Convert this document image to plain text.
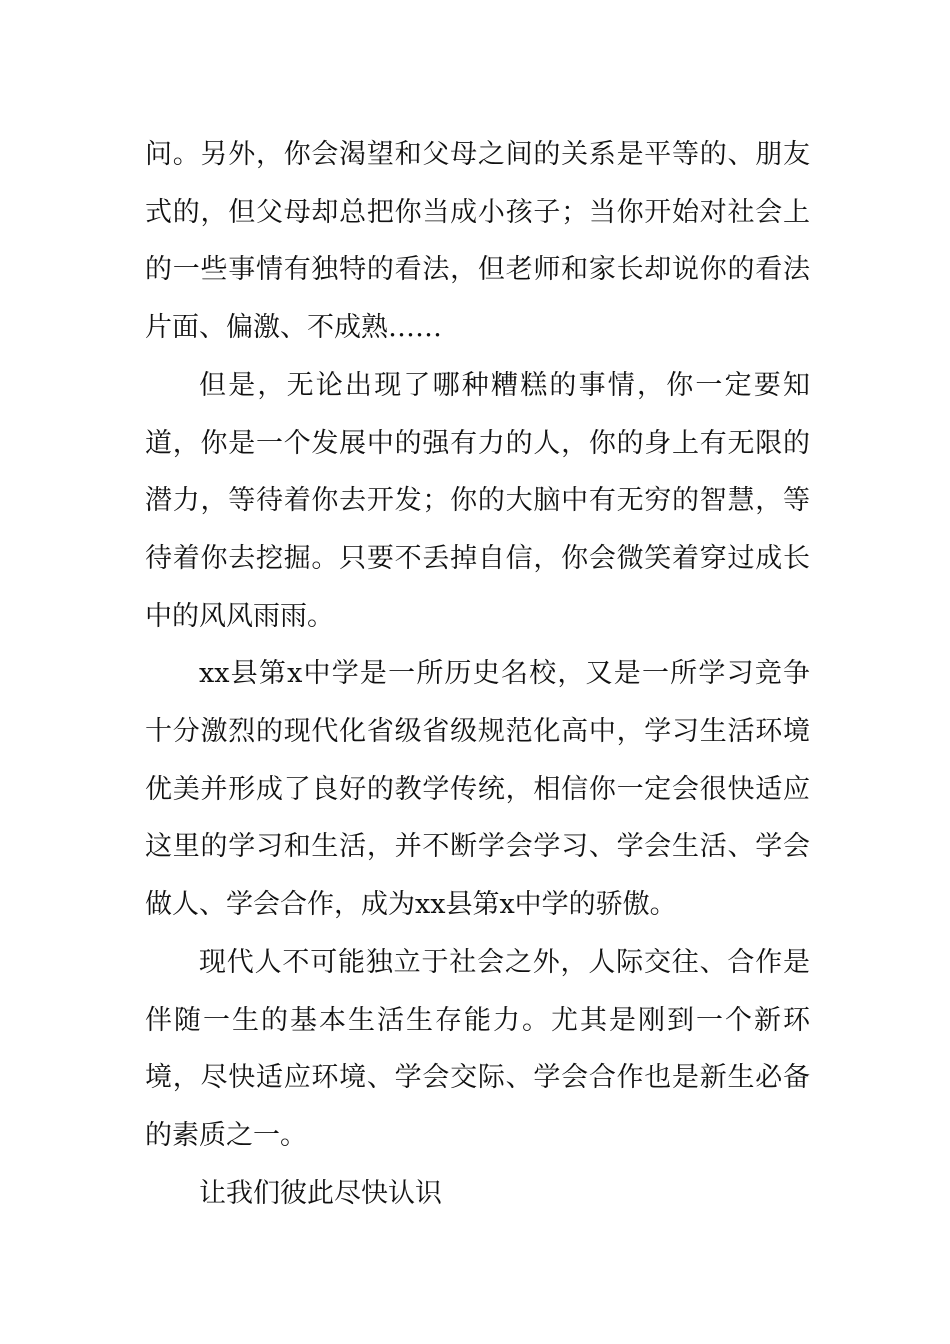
问。另外，你会渴望和父母之间的关系是平等的、朋友式的，但父母却总把你当成小孩子；当你开始对社会上的一些事情有独特的看法，但老师和家长却说你的看法片面、偏激、不成熟……

但是，无论出现了哪种糟糕的事情，你一定要知道，你是一个发展中的强有力的人，你的身上有无限的潜力，等待着你去开发；你的大脑中有无穷的智慧，等待着你去挖掘。只要不丢掉自信，你会微笑着穿过成长中的风风雨雨。

xx县第x中学是一所历史名校，又是一所学习竞争十分激烈的现代化省级省级规范化高中，学习生活环境优美并形成了良好的教学传统，相信你一定会很快适应这里的学习和生活，并不断学会学习、学会生活、学会做人、学会合作，成为xx县第x中学的骄傲。

现代人不可能独立于社会之外，人际交往、合作是伴随一生的基本生活生存能力。尤其是刚到一个新环境，尽快适应环境、学会交际、学会合作也是新生必备的素质之一。

让我们彼此尽快认识
